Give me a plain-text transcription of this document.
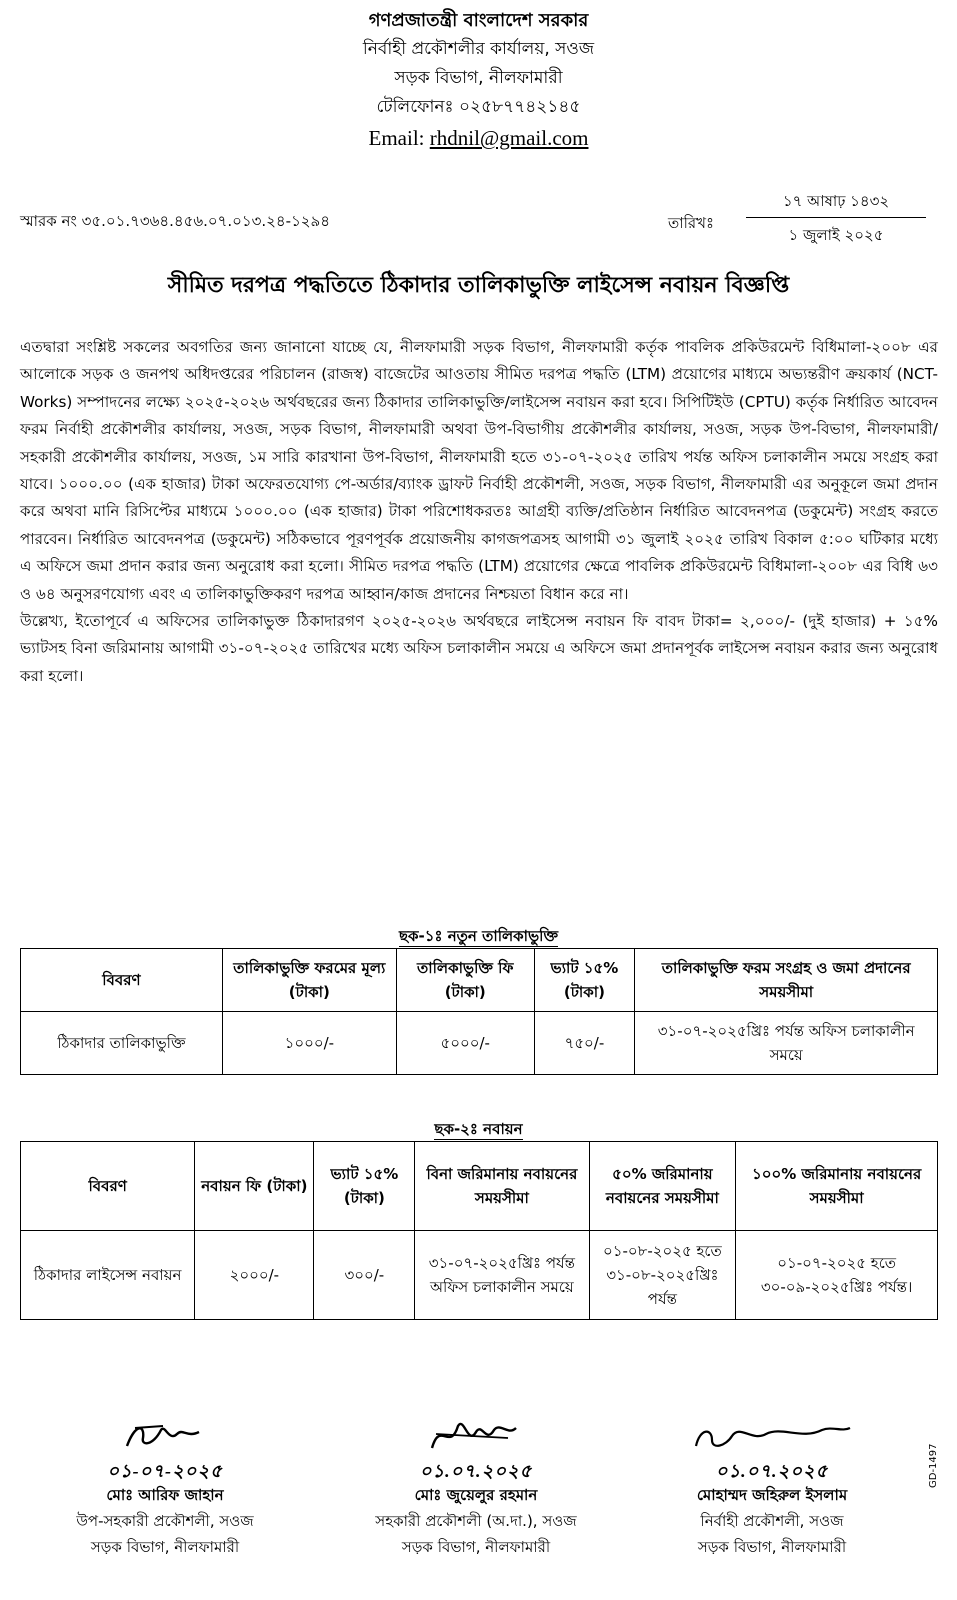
গণপ্রজাতন্ত্রী বাংলাদেশ সরকার
নির্বাহী প্রকৌশলীর কার্যালয়, সওজ
সড়ক বিভাগ, নীলফামারী
টেলিফোনঃ ০২৫৮৭৭৪২১৪৫
Email: rhdnil@gmail.com
স্মারক নং ৩৫.০১.৭৩৬৪.৪৫৬.০৭.০১৩.২৪-১২৯৪	তারিখঃ
১৭ আষাঢ় ১৪৩২
১ জুলাই ২০২৫
সীমিত দরপত্র পদ্ধতিতে ঠিকাদার তালিকাভুক্তি লাইসেন্স নবায়ন বিজ্ঞপ্তি

এতদ্বারা সংশ্লিষ্ট সকলের অবগতির জন্য জানানো যাচ্ছে যে, নীলফামারী সড়ক বিভাগ, নীলফামারী কর্তৃক পাবলিক প্রকিউরমেন্ট বিধিমালা-২০০৮ এর আলোকে সড়ক ও জনপথ অধিদপ্তরের পরিচালন (রাজস্ব) বাজেটের আওতায় সীমিত দরপত্র পদ্ধতি (LTM) প্রয়োগের মাধ্যমে অভ্যন্তরীণ ক্রয়কার্য (NCT-Works) সম্পাদনের লক্ষ্যে ২০২৫-২০২৬ অর্থবছরের জন্য ঠিকাদার তালিকাভুক্তি/লাইসেন্স নবায়ন করা হবে। সিপিটিইউ (CPTU) কর্তৃক নির্ধারিত আবেদন ফরম নির্বাহী প্রকৌশলীর কার্যালয়, সওজ, সড়ক বিভাগ, নীলফামারী অথবা উপ-বিভাগীয় প্রকৌশলীর কার্যালয়, সওজ, সড়ক উপ-বিভাগ, নীলফামারী/সহকারী প্রকৌশলীর কার্যালয়, সওজ, ১ম সারি কারখানা উপ-বিভাগ, নীলফামারী হতে ৩১-০৭-২০২৫ তারিখ পর্যন্ত অফিস চলাকালীন সময়ে সংগ্রহ করা যাবে। ১০০০.০০ (এক হাজার) টাকা অফেরতযোগ্য পে-অর্ডার/ব্যাংক ড্রাফট নির্বাহী প্রকৌশলী, সওজ, সড়ক বিভাগ, নীলফামারী এর অনুকূলে জমা প্রদান করে অথবা মানি রিসিপ্টের মাধ্যমে ১০০০.০০ (এক হাজার) টাকা পরিশোধকরতঃ আগ্রহী ব্যক্তি/প্রতিষ্ঠান নির্ধারিত আবেদনপত্র (ডকুমেন্ট) সংগ্রহ করতে পারবেন। নির্ধারিত আবেদনপত্র (ডকুমেন্ট) সঠিকভাবে পূরণপূর্বক প্রয়োজনীয় কাগজপত্রসহ আগামী ৩১ জুলাই ২০২৫ তারিখ বিকাল ৫:০০ ঘটিকার মধ্যে এ অফিসে জমা প্রদান করার জন্য অনুরোধ করা হলো। সীমিত দরপত্র পদ্ধতি (LTM) প্রয়োগের ক্ষেত্রে পাবলিক প্রকিউরমেন্ট বিধিমালা-২০০৮ এর বিধি ৬৩ ও ৬৪ অনুসরণযোগ্য এবং এ তালিকাভুক্তিকরণ দরপত্র আহ্বান/কাজ প্রদানের নিশ্চয়তা বিধান করে না।

উল্লেখ্য, ইতোপূর্বে এ অফিসের তালিকাভুক্ত ঠিকাদারগণ ২০২৫-২০২৬ অর্থবছরে লাইসেন্স নবায়ন ফি বাবদ টাকা= ২,০০০/- (দুই হাজার) + ১৫% ভ্যাটসহ বিনা জরিমানায় আগামী ৩১-০৭-২০২৫ তারিখের মধ্যে অফিস চলাকালীন সময়ে এ অফিসে জমা প্রদানপূর্বক লাইসেন্স নবায়ন করার জন্য অনুরোধ করা হলো।

ছক-১ঃ নতুন তালিকাভুক্তি
বিবরণ	তালিকাভুক্তি ফরমের মূল্য (টাকা)	তালিকাভুক্তি ফি (টাকা)	ভ্যাট ১৫% (টাকা)	তালিকাভুক্তি ফরম সংগ্রহ ও জমা প্রদানের সময়সীমা
ঠিকাদার তালিকাভুক্তি	১০০০/-	৫০০০/-	৭৫০/-	৩১-০৭-২০২৫খ্রিঃ পর্যন্ত অফিস চলাকালীন সময়ে
ছক-২ঃ নবায়ন
বিবরণ	নবায়ন ফি (টাকা)	ভ্যাট ১৫% (টাকা)	বিনা জরিমানায় নবায়নের সময়সীমা	৫০% জরিমানায় নবায়নের সময়সীমা	১০০% জরিমানায় নবায়নের সময়সীমা
ঠিকাদার লাইসেন্স নবায়ন	২০০০/-	৩০০/-	৩১-০৭-২০২৫খ্রিঃ পর্যন্ত অফিস চলাকালীন সময়ে	০১-০৮-২০২৫ হতে ৩১-০৮-২০২৫খ্রিঃ পর্যন্ত	০১-০৭-২০২৫ হতে ৩০-০৯-২০২৫খ্রিঃ পর্যন্ত।
০১-০৭-২০২৫
মোঃ আরিফ জাহান
উপ-সহকারী প্রকৌশলী, সওজ
সড়ক বিভাগ, নীলফামারী
০১.০৭.২০২৫
মোঃ জুয়েলুর রহমান
সহকারী প্রকৌশলী (অ.দা.), সওজ
সড়ক বিভাগ, নীলফামারী
০১.০৭.২০২৫
মোহাম্মদ জহিরুল ইসলাম
নির্বাহী প্রকৌশলী, সওজ
সড়ক বিভাগ, নীলফামারী
GD-1497
